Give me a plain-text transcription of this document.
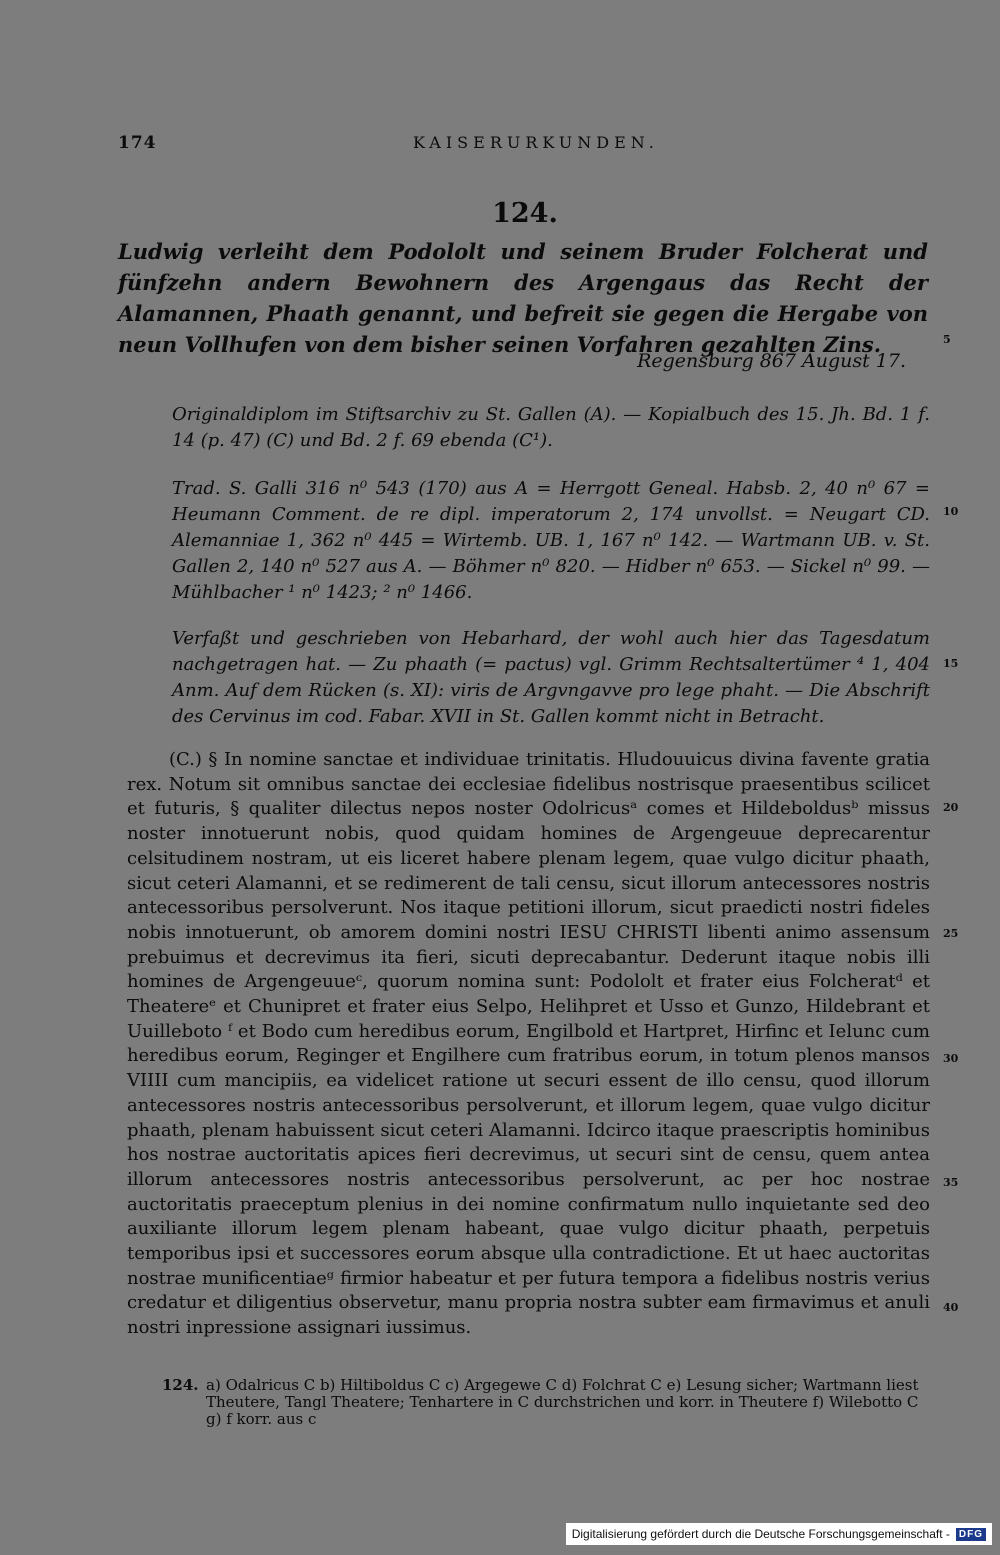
174	KAISERURKUNDEN.
124.
Ludwig verleiht dem Podololt und seinem Bruder Folcherat und fünfzehn andern Bewohnern des Argengaus das Recht der Alamannen, Phaath genannt, und befreit sie gegen die Hergabe von neun Vollhufen von dem bisher seinen Vorfahren gezahlten Zins.
Regensburg 867 August 17.
Originaldiplom im Stiftsarchiv zu St. Gallen (A). — Kopialbuch des 15. Jh. Bd. 1 f. 14 (p. 47) (C) und Bd. 2 f. 69 ebenda (C¹).
Trad. S. Galli 316 n⁰ 543 (170) aus A = Herrgott Geneal. Habsb. 2, 40 n⁰ 67 = Heumann Comment. de re dipl. imperatorum 2, 174 unvollst. = Neugart CD. Alemanniae 1, 362 n⁰ 445 = Wirtemb. UB. 1, 167 n⁰ 142. — Wartmann UB. v. St. Gallen 2, 140 n⁰ 527 aus A. — Böhmer n⁰ 820. — Hidber n⁰ 653. — Sickel n⁰ 99. — Mühlbacher ¹ n⁰ 1423; ² n⁰ 1466.
Verfaßt und geschrieben von Hebarhard, der wohl auch hier das Tagesdatum nachgetragen hat. — Zu phaath (= pactus) vgl. Grimm Rechtsaltertümer ⁴ 1, 404 Anm. Auf dem Rücken (s. XI): viris de Argvngavve pro lege phaht. — Die Abschrift des Cervinus im cod. Fabar. XVII in St. Gallen kommt nicht in Betracht.

(C.) § In nomine sanctae et individuae trinitatis. Hludouuicus divina favente gratia rex. Notum sit omnibus sanctae dei ecclesiae fidelibus nostrisque praesentibus scilicet et futuris, § qualiter dilectus nepos noster Odolricusᵃ comes et Hildeboldusᵇ missus noster innotuerunt nobis, quod quidam homines de Argengeuue deprecarentur celsitudinem nostram, ut eis liceret habere plenam legem, quae vulgo dicitur phaath, sicut ceteri Alamanni, et se redimerent de tali censu, sicut illorum antecessores nostris antecessoribus persolverunt. Nos itaque petitioni illorum, sicut praedicti nostri fideles nobis innotuerunt, ob amorem domini nostri IESU CHRISTI libenti animo assensum prebuimus et decrevimus ita fieri, sicuti deprecabantur. Dederunt itaque nobis illi homines de Argengeuueᶜ, quorum nomina sunt: Podololt et frater eius Folcheratᵈ et Theatereᵉ et Chunipret et frater eius Selpo, Helihpret et Usso et Gunzo, Hildebrant et Uuilleboto ᶠ et Bodo cum heredibus eorum, Engilbold et Hartpret, Hirfinc et Ielunc cum heredibus eorum, Reginger et Engilhere cum fratribus eorum, in totum plenos mansos VIIII cum mancipiis, ea videlicet ratione ut securi essent de illo censu, quod illorum antecessores nostris antecessoribus persolverunt, et illorum legem, quae vulgo dicitur phaath, plenam habuissent sicut ceteri Alamanni. Idcirco itaque praescriptis hominibus hos nostrae auctoritatis apices fieri decrevimus, ut securi sint de censu, quem antea illorum antecessores nostris antecessoribus persolverunt, ac per hoc nostrae auctoritatis praeceptum plenius in dei nomine confirmatum nullo inquietante sed deo auxiliante illorum legem plenam habeant, quae vulgo dicitur phaath, perpetuis temporibus ipsi et successores eorum absque ulla contradictione. Et ut haec auctoritas nostrae munificentiaeᵍ firmior habeatur et per futura tempora a fidelibus nostris verius credatur et diligentius observetur, manu propria nostra subter eam firmavimus et anuli nostri inpressione assignari iussimus.

124. a) Odalricus C b) Hiltiboldus C c) Argegewe C d) Folchrat C e) Lesung sicher; Wartmann liest Theutere, Tangl Theatere; Tenhartere in C durchstrichen und korr. in Theutere f) Wilebotto C g) f korr. aus c
5
10
15
20
25
30
35
40
Digitalisierung gefördert durch die Deutsche Forschungsgemeinschaft - DFG
